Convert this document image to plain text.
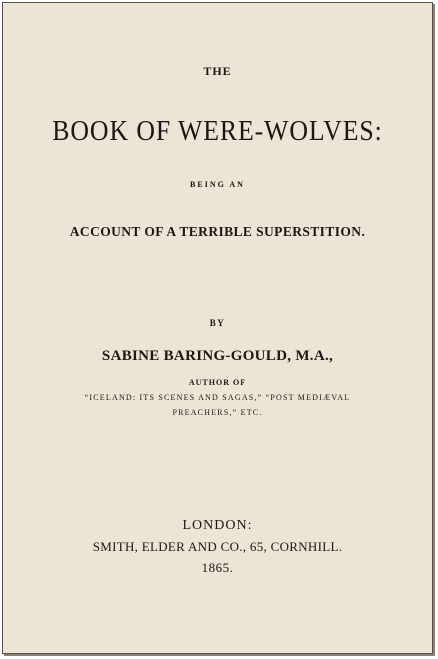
THE
BOOK OF WERE-WOLVES:
BEING AN
ACCOUNT OF A TERRIBLE SUPERSTITION.
BY
SABINE BARING-GOULD, M.A.,
AUTHOR OF
“ICELAND: ITS SCENES AND SAGAS,” “POST MEDIÆVAL
PREACHERS,” ETC.
LONDON:
SMITH, ELDER AND CO., 65, CORNHILL.
1865.
